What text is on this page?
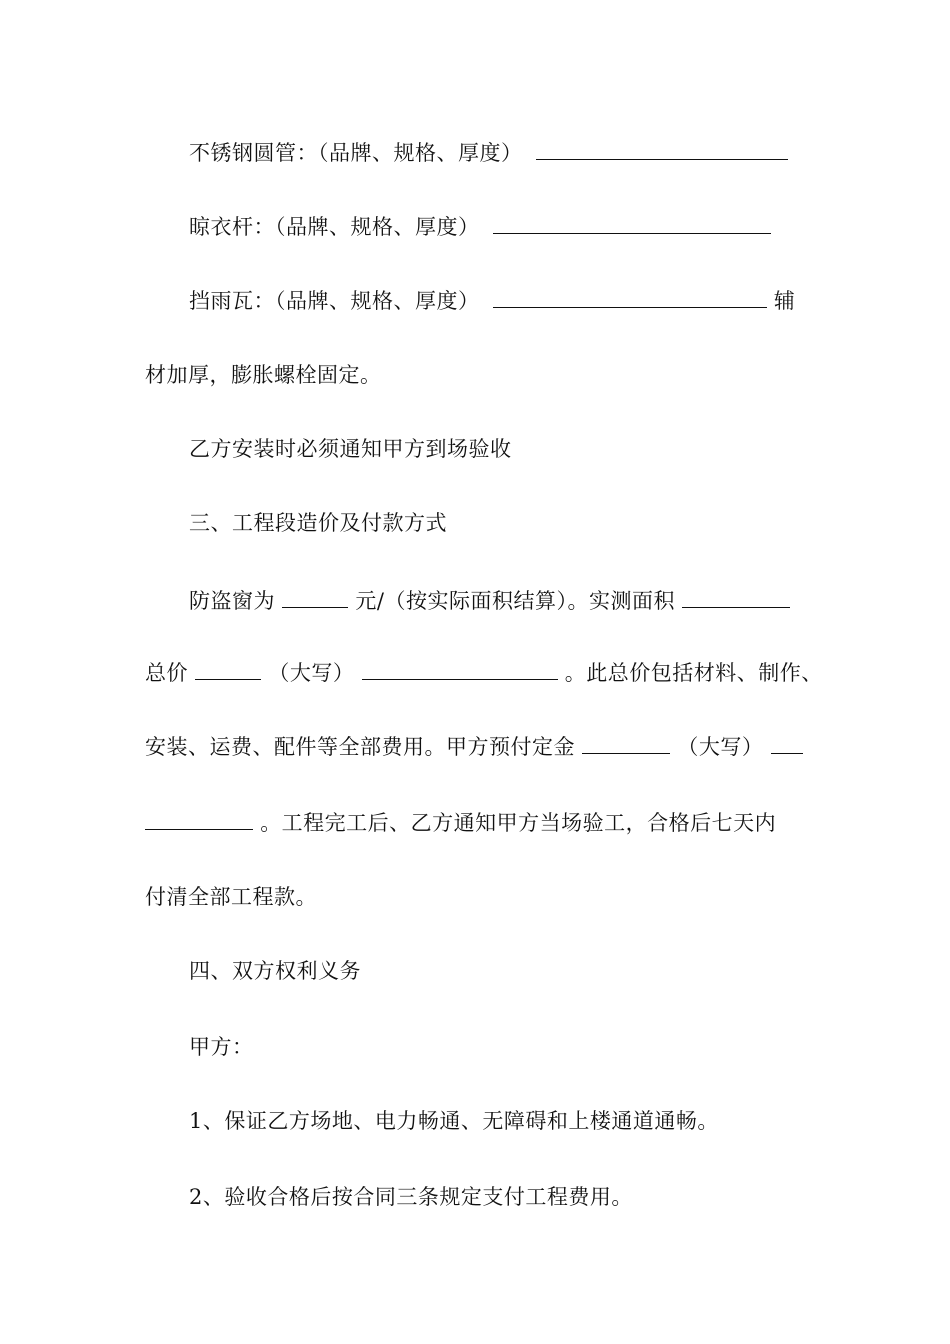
不锈钢圆管：（品牌、规格、厚度）
晾衣杆：（品牌、规格、厚度）
挡雨瓦：（品牌、规格、厚度）	辅
材加厚，膨胀螺栓固定。
乙方安装时必须通知甲方到场验收
三、工程段造价及付款方式
防盗窗为	元/（按实际面积结算）。实测面积
总价	（大写）	。此总价包括材料、制作、
安装、运费、配件等全部费用。甲方预付定金	（大写）
。工程完工后、乙方通知甲方当场验工，合格后七天内
付清全部工程款。
四、双方权利义务
甲方：
1、保证乙方场地、电力畅通、无障碍和上楼通道通畅。
2、验收合格后按合同三条规定支付工程费用。
